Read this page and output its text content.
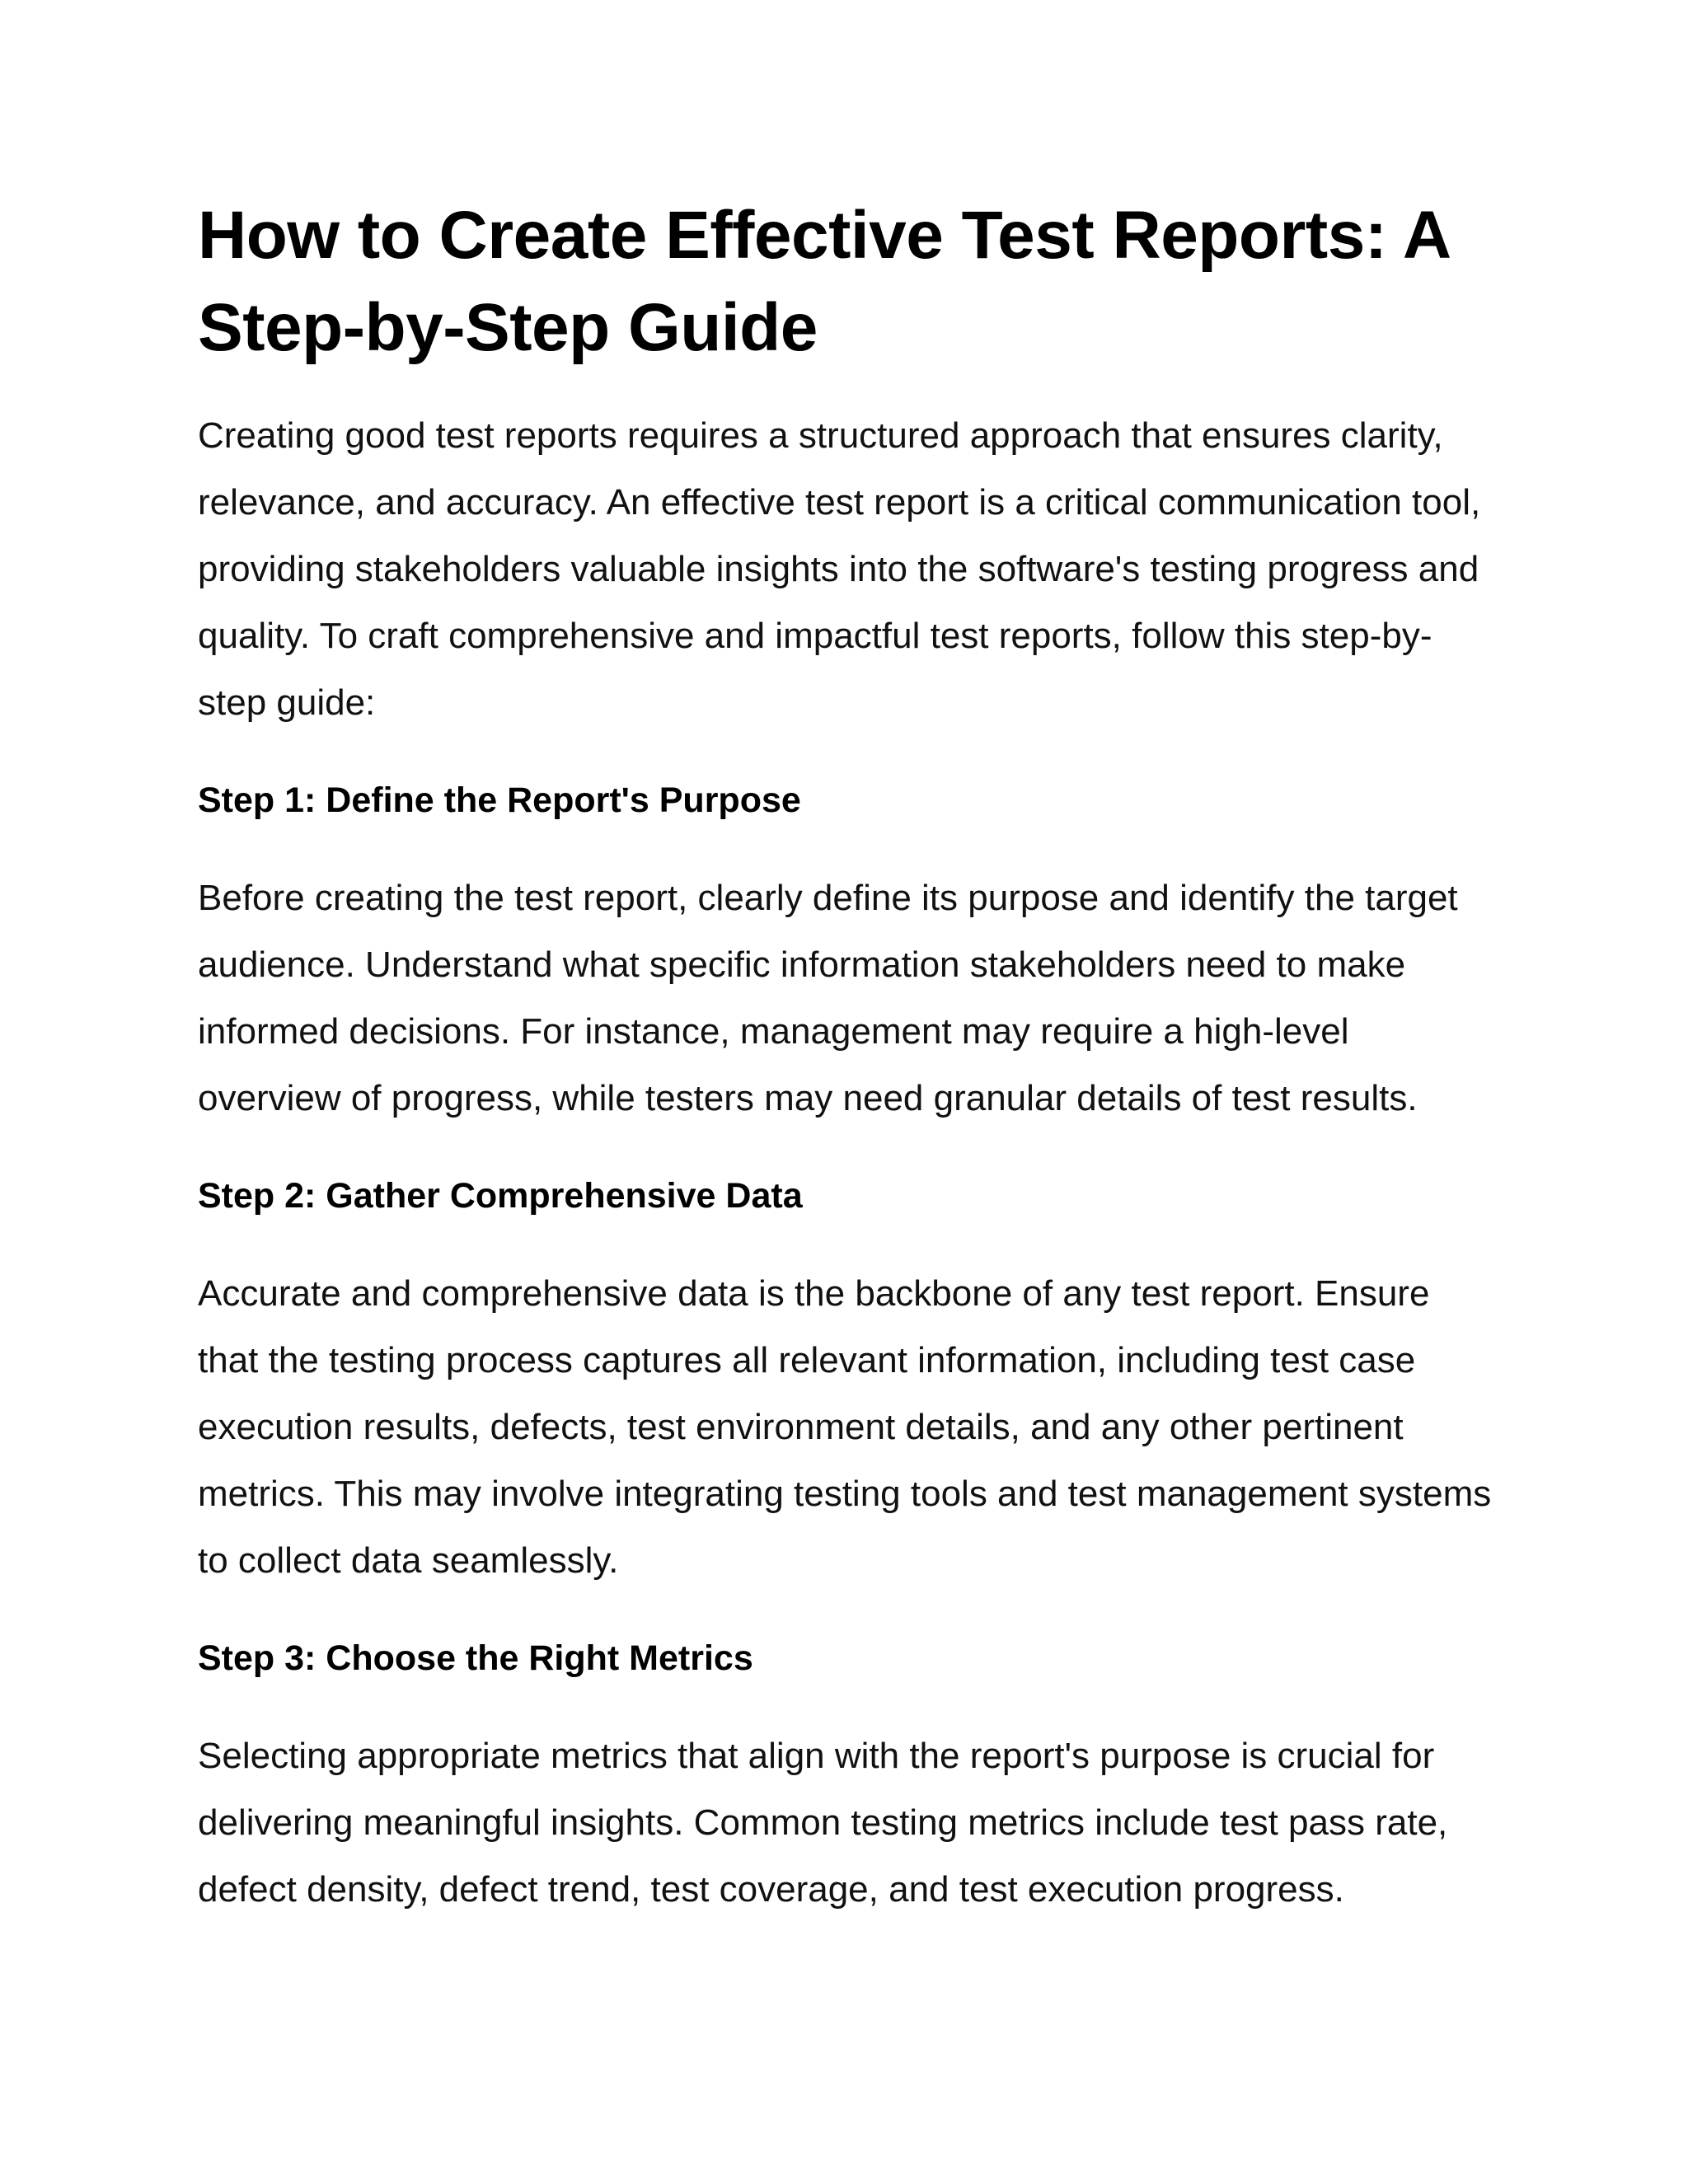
How to Create Effective Test Reports: A Step-by-Step Guide

Creating good test reports requires a structured approach that ensures clarity, relevance, and accuracy. An effective test report is a critical communication tool, providing stakeholders valuable insights into the software's testing progress and quality. To craft comprehensive and impactful test reports, follow this step-by-step guide:

Step 1: Define the Report's Purpose

Before creating the test report, clearly define its purpose and identify the target audience. Understand what specific information stakeholders need to make informed decisions. For instance, management may require a high-level overview of progress, while testers may need granular details of test results.

Step 2: Gather Comprehensive Data

Accurate and comprehensive data is the backbone of any test report. Ensure that the testing process captures all relevant information, including test case execution results, defects, test environment details, and any other pertinent metrics. This may involve integrating testing tools and test management systems to collect data seamlessly.

Step 3: Choose the Right Metrics

Selecting appropriate metrics that align with the report's purpose is crucial for delivering meaningful insights. Common testing metrics include test pass rate, defect density, defect trend, test coverage, and test execution progress.
